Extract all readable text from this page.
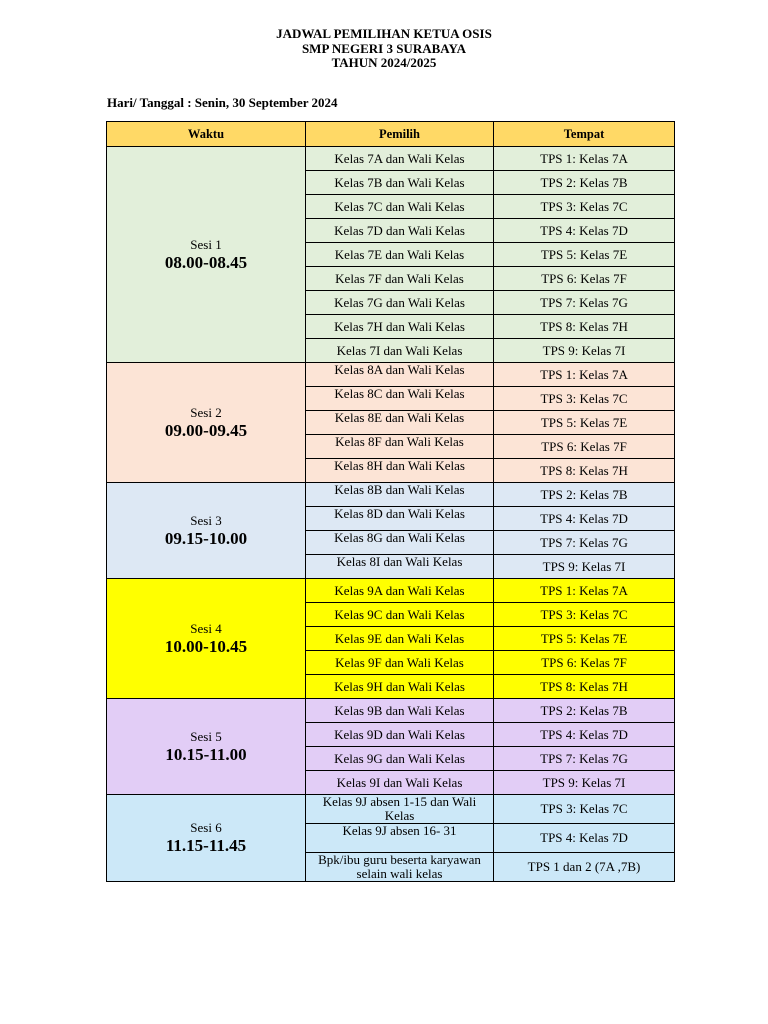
JADWAL PEMILIHAN KETUA OSIS
SMP NEGERI 3 SURABAYA
TAHUN 2024/2025
Hari/ Tanggal : Senin, 30 September 2024
Waktu	Pemilih	Tempat

Sesi 1
08.00-08.45	Kelas 7A dan Wali Kelas	TPS 1: Kelas 7A
	Kelas 7B dan Wali Kelas	TPS 2: Kelas 7B
	Kelas 7C dan Wali Kelas	TPS 3: Kelas 7C
	Kelas 7D dan Wali Kelas	TPS 4: Kelas 7D
	Kelas 7E dan Wali Kelas	TPS 5: Kelas 7E
	Kelas 7F dan Wali Kelas	TPS 6: Kelas 7F
	Kelas 7G dan Wali Kelas	TPS 7: Kelas 7G
	Kelas 7H dan Wali Kelas	TPS 8: Kelas 7H
	Kelas 7I dan Wali Kelas	TPS 9: Kelas 7I

Sesi 2
09.00-09.45	Kelas 8A dan Wali Kelas	TPS 1: Kelas 7A
	Kelas 8C dan Wali Kelas	TPS 3: Kelas 7C
	Kelas 8E dan Wali Kelas	TPS 5: Kelas 7E
	Kelas 8F dan Wali Kelas	TPS 6: Kelas 7F
	Kelas 8H dan Wali Kelas	TPS 8: Kelas 7H

Sesi 3
09.15-10.00	Kelas 8B dan Wali Kelas	TPS 2: Kelas 7B
	Kelas 8D dan Wali Kelas	TPS 4: Kelas 7D
	Kelas 8G dan Wali Kelas	TPS 7: Kelas 7G
	Kelas 8I dan Wali Kelas	TPS 9: Kelas 7I

Sesi 4
10.00-10.45	Kelas 9A dan Wali Kelas	TPS 1: Kelas 7A
	Kelas 9C dan Wali Kelas	TPS 3: Kelas 7C
	Kelas 9E dan Wali Kelas	TPS 5: Kelas 7E
	Kelas 9F dan Wali Kelas	TPS 6: Kelas 7F
	Kelas 9H dan Wali Kelas	TPS 8: Kelas 7H

Sesi 5
10.15-11.00	Kelas 9B dan Wali Kelas	TPS 2: Kelas 7B
	Kelas 9D dan Wali Kelas	TPS 4: Kelas 7D
	Kelas 9G dan Wali Kelas	TPS 7: Kelas 7G
	Kelas 9I dan Wali Kelas	TPS 9: Kelas 7I

Sesi 6
11.15-11.45	Kelas 9J absen 1-15 dan Wali Kelas	TPS 3: Kelas 7C
	Kelas 9J absen 16- 31	TPS 4: Kelas 7D
	Bpk/ibu guru beserta karyawan selain wali kelas	TPS 1 dan 2 (7A ,7B)
